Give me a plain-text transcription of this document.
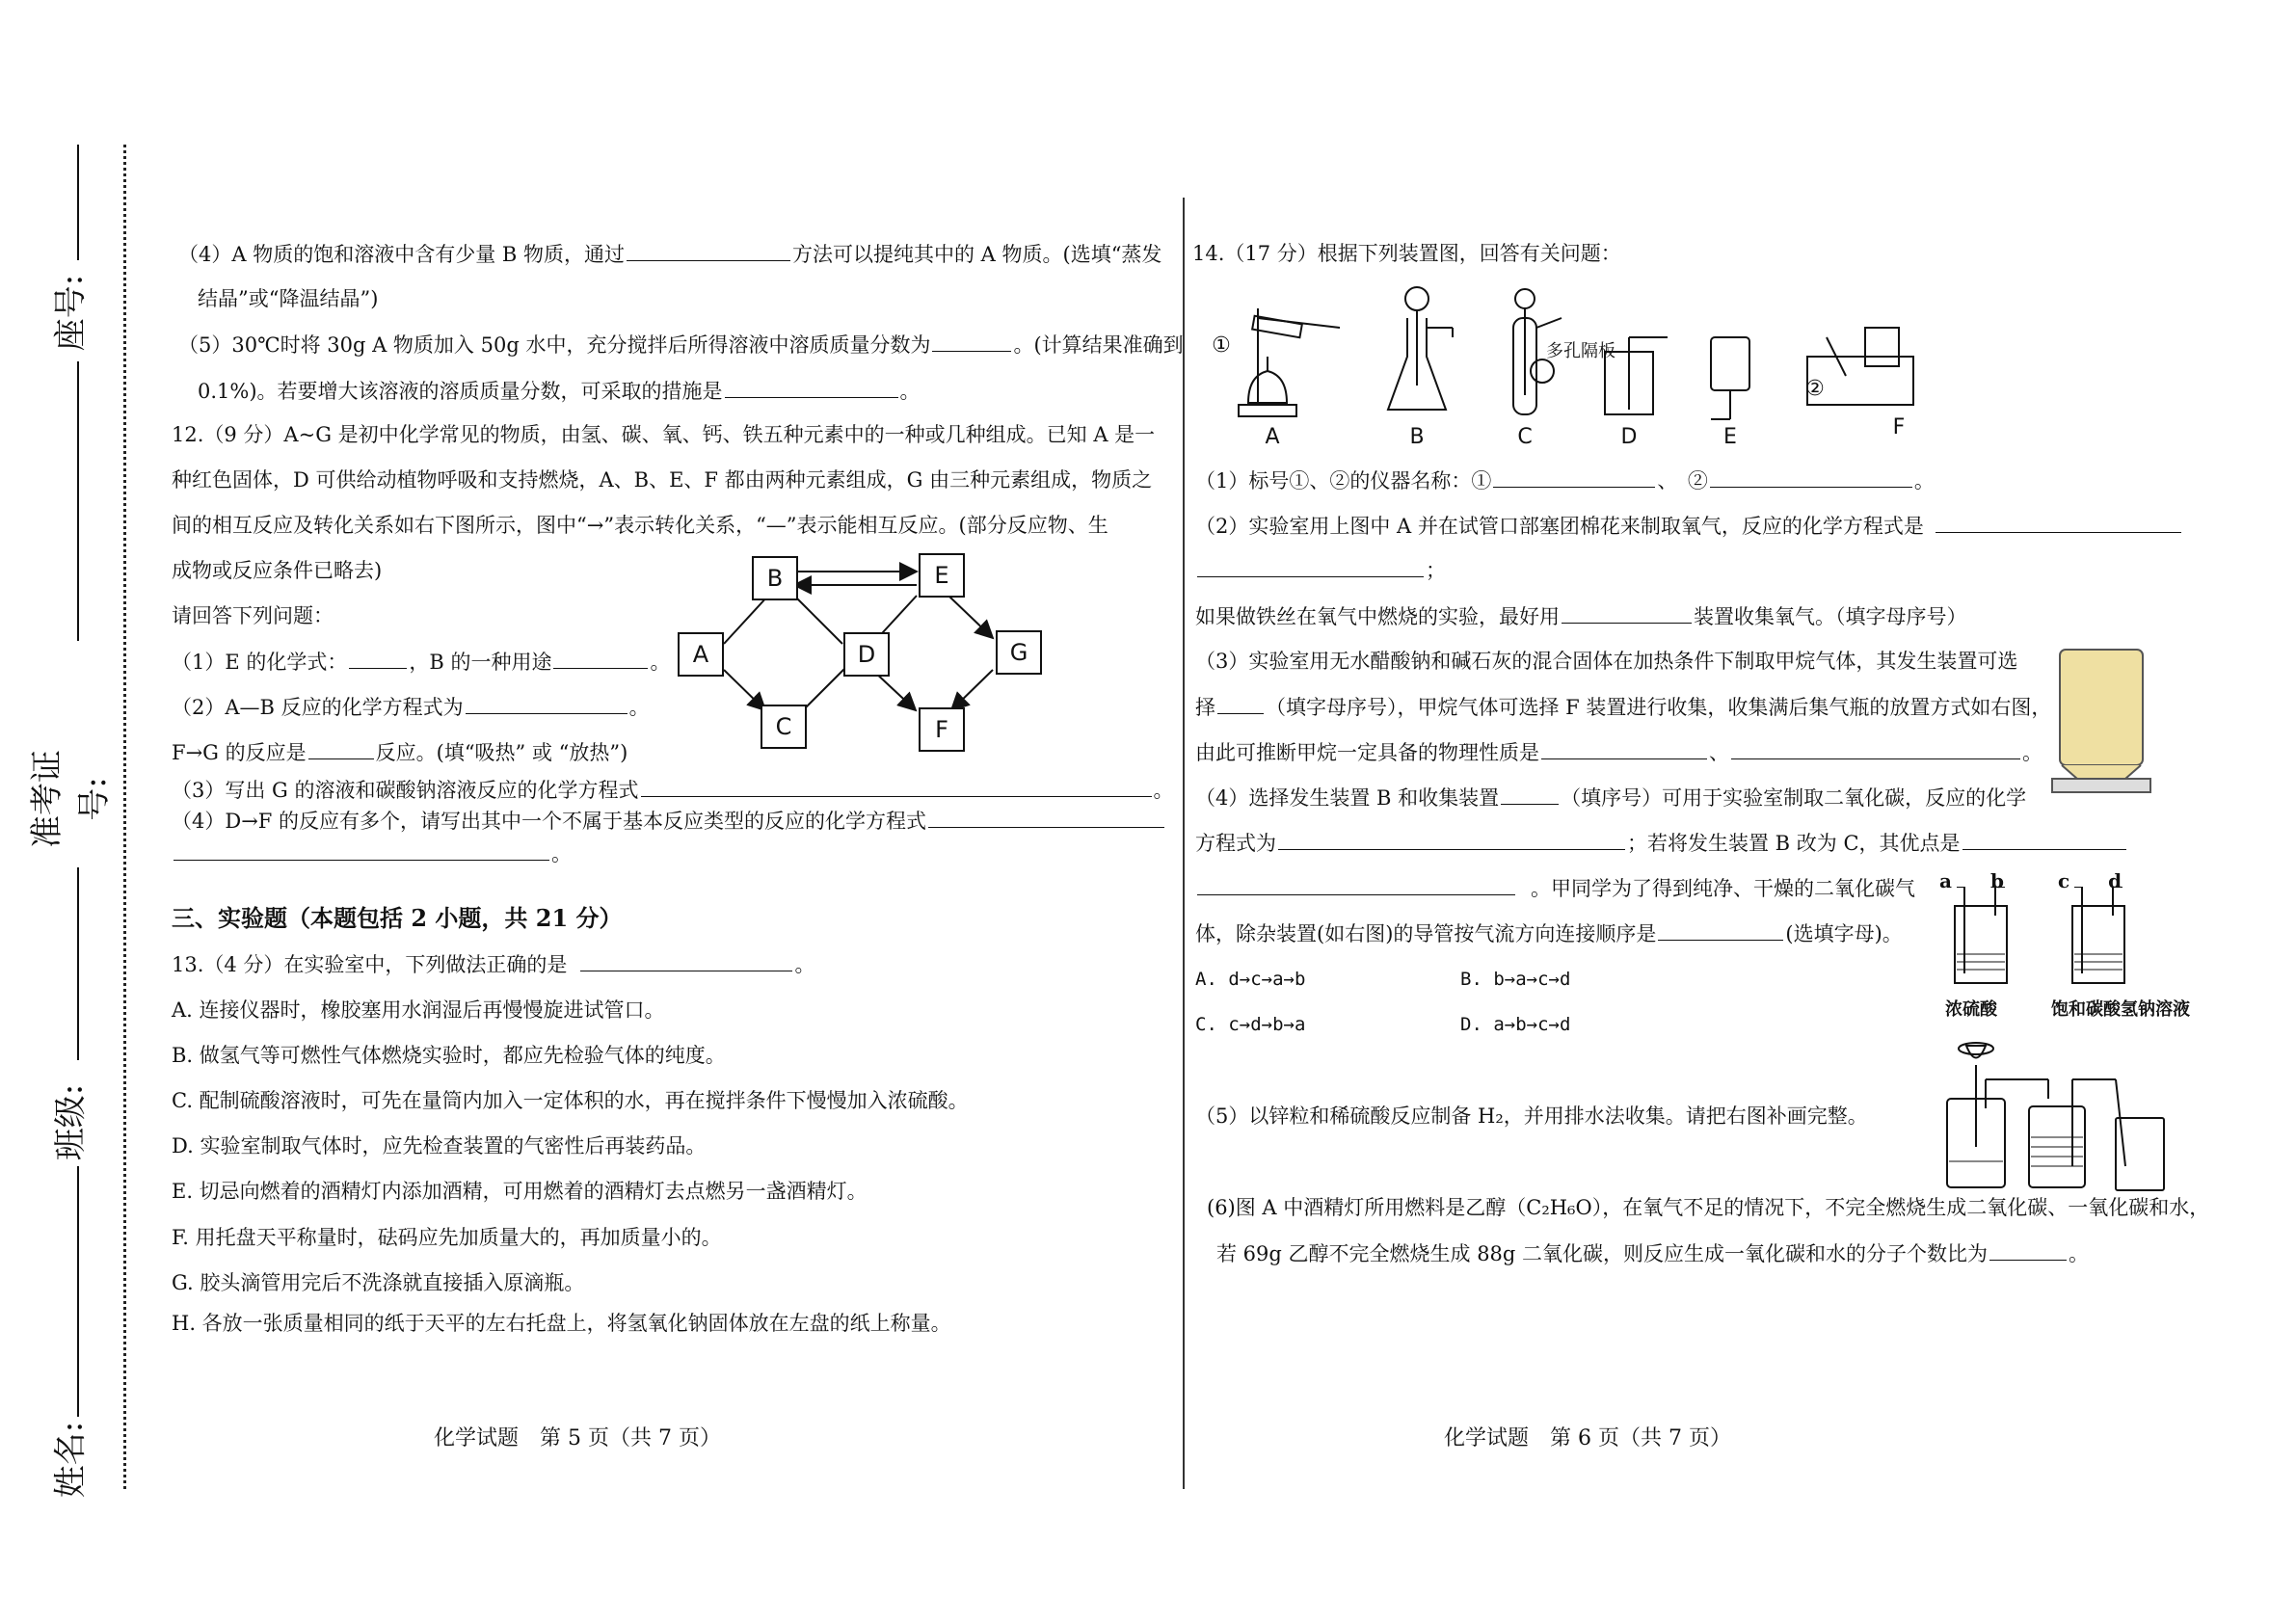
座号:
准考证号:
班级:
姓名:
（4）A 物质的饱和溶液中含有少量 B 物质，通过	方法可以提纯其中的 A 物质。(选填“蒸发
结晶”或“降温结晶”)
（5）30℃时将 30g A 物质加入 50g 水中，充分搅拌后所得溶液中溶质质量分数为	。(计算结果准确到
0.1%)。若要增大该溶液的溶质质量分数，可采取的措施是	。
12.（9 分）A~G 是初中化学常见的物质，由氢、碳、氧、钙、铁五种元素中的一种或几种组成。已知 A 是一
种红色固体，D 可供给动植物呼吸和支持燃烧，A、B、E、F 都由两种元素组成，G 由三种元素组成，物质之
间的相互反应及转化关系如右下图所示，图中“→”表示转化关系，“—”表示能相互反应。(部分反应物、生
成物或反应条件已略去)
请回答下列问题：
（1）E 的化学式：	，B 的一种用途	。
（2）A—B 反应的化学方程式为	。
F→G 的反应是	反应。(填“吸热” 或 “放热”)
（3）写出 G 的溶液和碳酸钠溶液反应的化学方程式	。
（4）D→F 的反应有多个，请写出其中一个不属于基本反应类型的反应的化学方程式
。
A
B
C
D
E
F
G
三、实验题（本题包括 2 小题，共 21 分）
13.（4 分）在实验室中，下列做法正确的是	。
A. 连接仪器时，橡胶塞用水润湿后再慢慢旋进试管口。
B. 做氢气等可燃性气体燃烧实验时，都应先检验气体的纯度。
C. 配制硫酸溶液时，可先在量筒内加入一定体积的水，再在搅拌条件下慢慢加入浓硫酸。
D. 实验室制取气体时，应先检查装置的气密性后再装药品。
E. 切忌向燃着的酒精灯内添加酒精，可用燃着的酒精灯去点燃另一盏酒精灯。
F. 用托盘天平称量时，砝码应先加质量大的，再加质量小的。
G. 胶头滴管用完后不洗涤就直接插入原滴瓶。
H. 各放一张质量相同的纸于天平的左右托盘上，将氢氧化钠固体放在左盘的纸上称量。
化学试题　第 5 页（共 7 页）
14.（17 分）根据下列装置图，回答有关问题：
A	B	C	D	E	F
①
②
多孔隔板
（1）标号①、②的仪器名称：①	、　②	。
（2）实验室用上图中 A 并在试管口部塞团棉花来制取氧气，反应的化学方程式是
；
如果做铁丝在氧气中燃烧的实验，最好用	装置收集氧气。（填字母序号）
（3）实验室用无水醋酸钠和碱石灰的混合固体在加热条件下制取甲烷气体，其发生装置可选
择 （填字母序号），甲烷气体可选择 F 装置进行收集，收集满后集气瓶的放置方式如右图，
由此可推断甲烷一定具备的物理性质是	、	。
（4）选择发生装置 B 和收集装置	（填序号）可用于实验室制取二氧化碳，反应的化学
方程式为	；若将发生装置 B 改为 C，其优点是
。甲同学为了得到纯净、干燥的二氧化碳气
体，除杂装置(如右图)的导管按气流方向连接顺序是	(选填字母)。
A. d→c→a→b	B. b→a→c→d
C. c→d→b→a	D. a→b→c→d
a　　b	c　　d
浓硫酸	饱和碳酸氢钠溶液
（5）以锌粒和稀硫酸反应制备 H₂，并用排水法收集。请把右图补画完整。
(6)图 A 中酒精灯所用燃料是乙醇（C₂H₆O），在氧气不足的情况下，不完全燃烧生成二氧化碳、一氧化碳和水，
若 69g 乙醇不完全燃烧生成 88g 二氧化碳，则反应生成一氧化碳和水的分子个数比为	。
化学试题　第 6 页（共 7 页）
